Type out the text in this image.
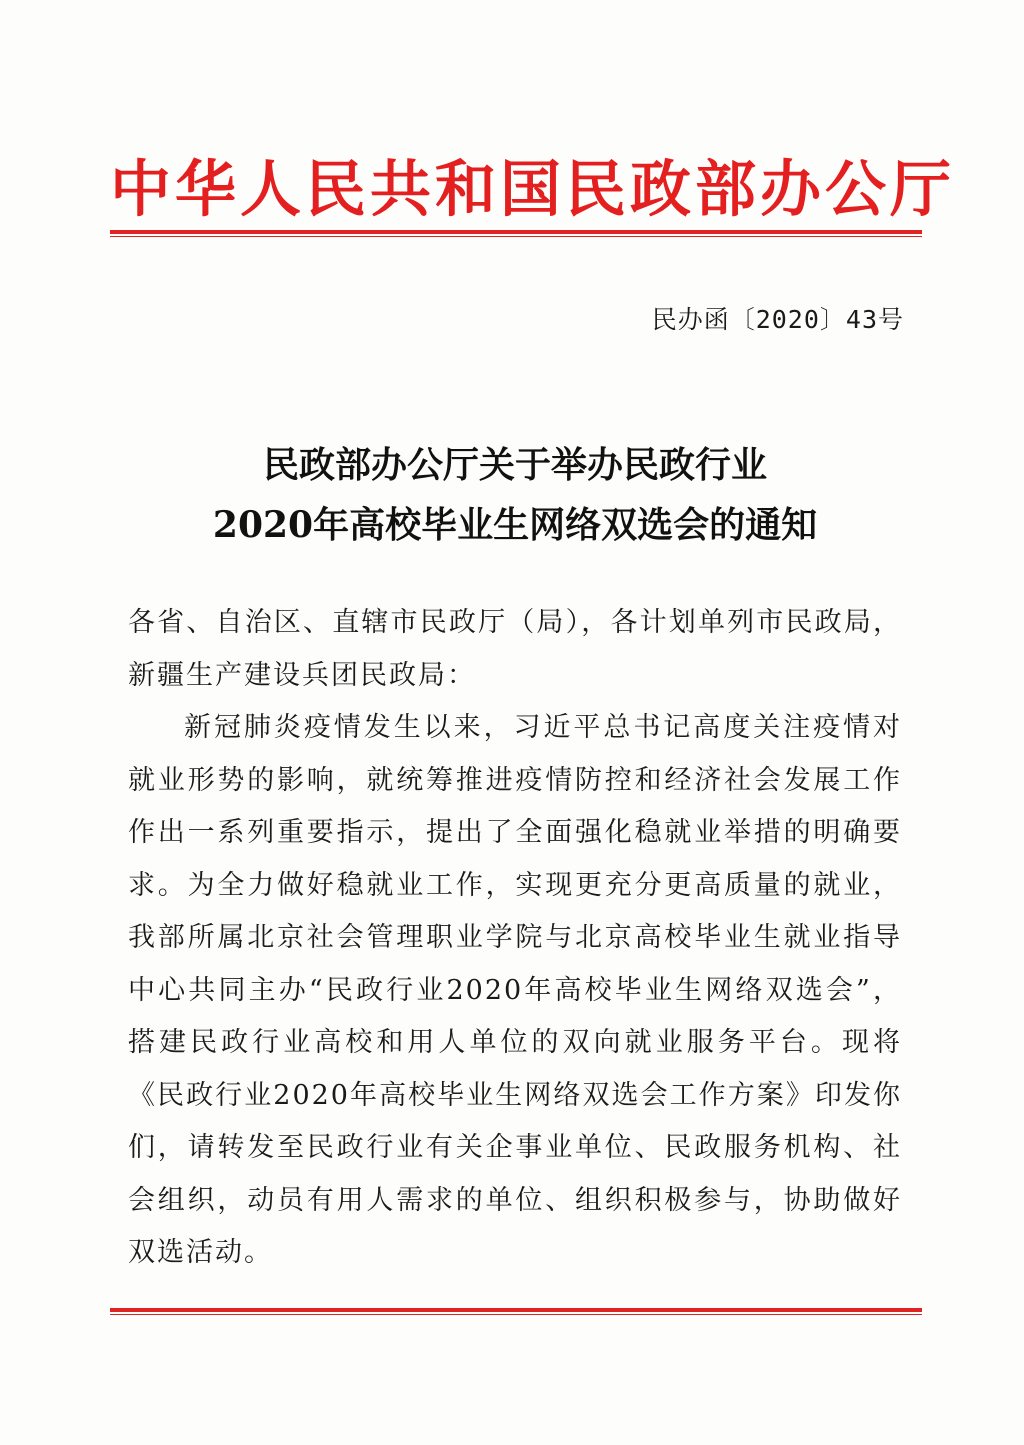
中华人民共和国民政部办公厅
民办函〔2020〕43号
民政部办公厅关于举办民政行业
2020年高校毕业生网络双选会的通知

各省、自治区、直辖市民政厅（局），各计划单列市民政局，新疆生产建设兵团民政局：

新冠肺炎疫情发生以来，习近平总书记高度关注疫情对就业形势的影响，就统筹推进疫情防控和经济社会发展工作作出一系列重要指示，提出了全面强化稳就业举措的明确要求。为全力做好稳就业工作，实现更充分更高质量的就业，我部所属北京社会管理职业学院与北京高校毕业生就业指导中心共同主办“民政行业2020年高校毕业生网络双选会”，搭建民政行业高校和用人单位的双向就业服务平台。现将《民政行业2020年高校毕业生网络双选会工作方案》印发你们，请转发至民政行业有关企事业单位、民政服务机构、社会组织，动员有用人需求的单位、组织积极参与，协助做好双选活动。
